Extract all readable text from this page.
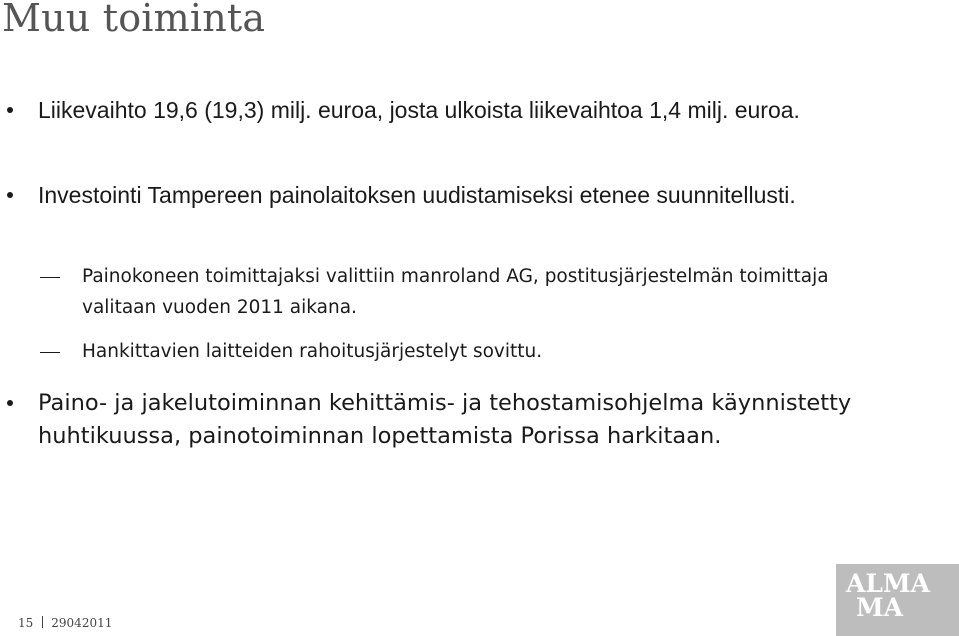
Muu toiminta
Liikevaihto 19,6 (19,3) milj. euroa, josta ulkoista liikevaihtoa 1,4 milj. euroa.
Investointi Tampereen painolaitoksen uudistamiseksi etenee suunnitellusti.
Painokoneen toimittajaksi valittiin manroland AG, postitusjärjestelmän toimittaja valitaan vuoden 2011 aikana.
Hankittavien laitteiden rahoitusjärjestelyt sovittu.
Paino- ja jakelutoiminnan kehittämis- ja tehostamisohjelma käynnistetty huhtikuussa, painotoiminnan lopettamista Porissa harkitaan.
15 29042011
ALMA
MA
